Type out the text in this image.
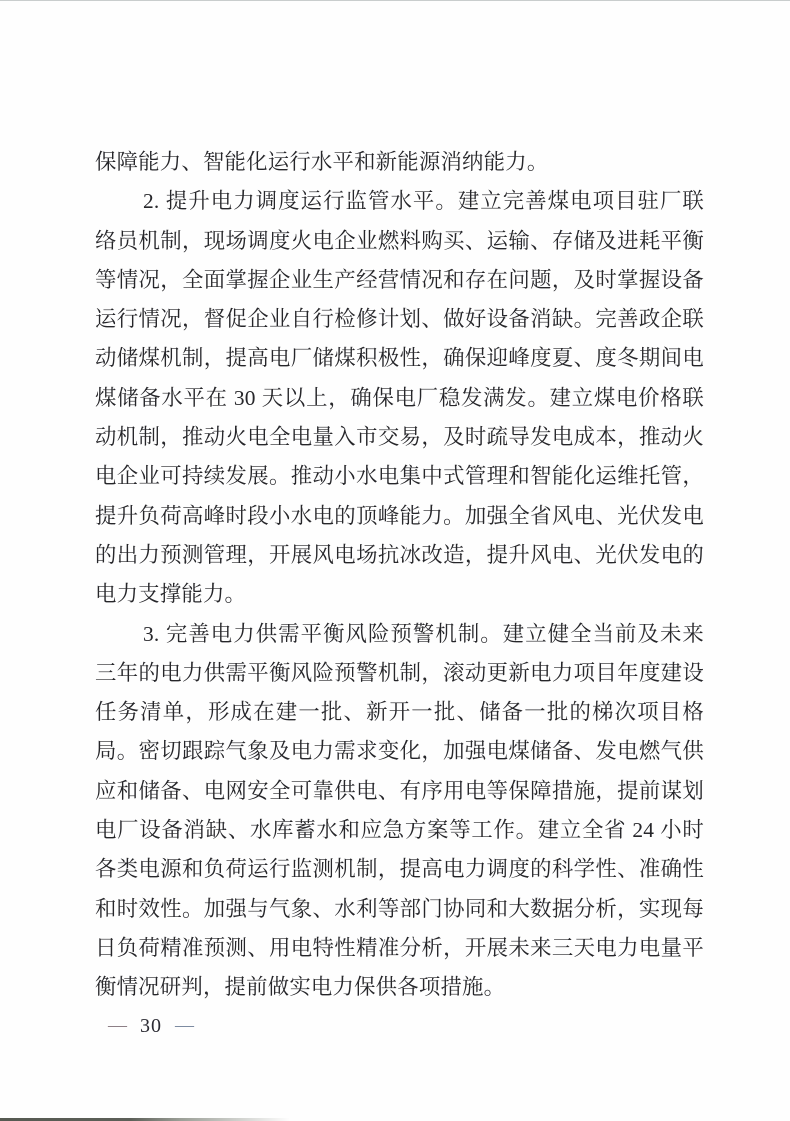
保障能力、智能化运行水平和新能源消纳能力。

2. 提升电力调度运行监管水平。建立完善煤电项目驻厂联络员机制，现场调度火电企业燃料购买、运输、存储及进耗平衡等情况，全面掌握企业生产经营情况和存在问题，及时掌握设备运行情况，督促企业自行检修计划、做好设备消缺。完善政企联动储煤机制，提高电厂储煤积极性，确保迎峰度夏、度冬期间电煤储备水平在 30 天以上，确保电厂稳发满发。建立煤电价格联动机制，推动火电全电量入市交易，及时疏导发电成本，推动火电企业可持续发展。推动小水电集中式管理和智能化运维托管，提升负荷高峰时段小水电的顶峰能力。加强全省风电、光伏发电的出力预测管理，开展风电场抗冰改造，提升风电、光伏发电的电力支撑能力。

3. 完善电力供需平衡风险预警机制。建立健全当前及未来三年的电力供需平衡风险预警机制，滚动更新电力项目年度建设任务清单，形成在建一批、新开一批、储备一批的梯次项目格局。密切跟踪气象及电力需求变化，加强电煤储备、发电燃气供应和储备、电网安全可靠供电、有序用电等保障措施，提前谋划电厂设备消缺、水库蓄水和应急方案等工作。建立全省 24 小时各类电源和负荷运行监测机制，提高电力调度的科学性、准确性和时效性。加强与气象、水利等部门协同和大数据分析，实现每日负荷精准预测、用电特性精准分析，开展未来三天电力电量平衡情况研判，提前做实电力保供各项措施。

— 30 —
